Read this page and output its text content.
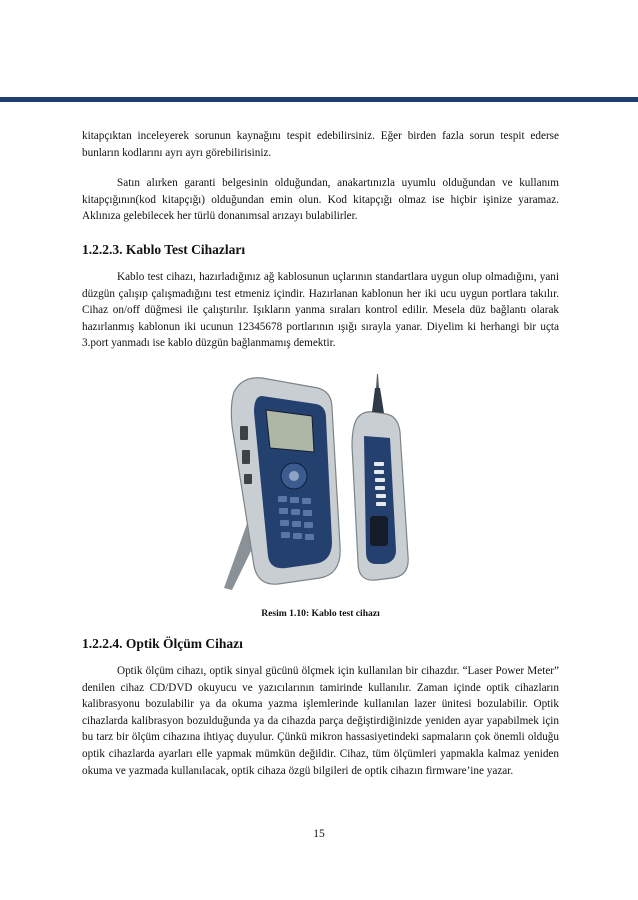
kitapçıktan inceleyerek sorunun kaynağını tespit edebilirsiniz. Eğer birden fazla sorun tespit ederse bunların kodlarını ayrı ayrı görebilirisiniz.

Satın alırken garanti belgesinin olduğundan, anakartınızla uyumlu olduğundan ve kullanım kitapçığının(kod kitapçığı) olduğundan emin olun. Kod kitapçığı olmaz ise hiçbir işinize yaramaz. Aklınıza gelebilecek her türlü donanımsal arızayı bulabilirler.

1.2.2.3. Kablo Test Cihazları

Kablo test cihazı, hazırladığınız ağ kablosunun uçlarının standartlara uygun olup olmadığını, yani düzgün çalışıp çalışmadığını test etmeniz içindir. Hazırlanan kablonun her iki ucu uygun portlara takılır. Cihaz on/off düğmesi ile çalıştırılır. Işıkların yanma sıraları kontrol edilir. Mesela düz bağlantı olarak hazırlanmış kablonun iki ucunun 12345678 portlarının ışığı sırayla yanar. Diyelim ki herhangi bir uçta 3.port yanmadı ise kablo düzgün bağlanmamış demektir.

Resim 1.10: Kablo test cihazı
1.2.2.4. Optik Ölçüm Cihazı

Optik ölçüm cihazı, optik sinyal gücünü ölçmek için kullanılan bir cihazdır. “Laser Power Meter” denilen cihaz CD/DVD okuyucu ve yazıcılarının tamirinde kullanılır. Zaman içinde optik cihazların kalibrasyonu bozulabilir ya da okuma yazma işlemlerinde kullanılan lazer ünitesi bozulabilir. Optik cihazlarda kalibrasyon bozulduğunda ya da cihazda parça değiştirdiğinizde yeniden ayar yapabilmek için bu tarz bir ölçüm cihazına ihtiyaç duyulur. Çünkü mikron hassasiyetindeki sapmaların çok önemli olduğu optik cihazlarda ayarları elle yapmak mümkün değildir. Cihaz, tüm ölçümleri yapmakla kalmaz yeniden okuma ve yazmada kullanılacak, optik cihaza özgü bilgileri de optik cihazın firmware’ine yazar.

15
